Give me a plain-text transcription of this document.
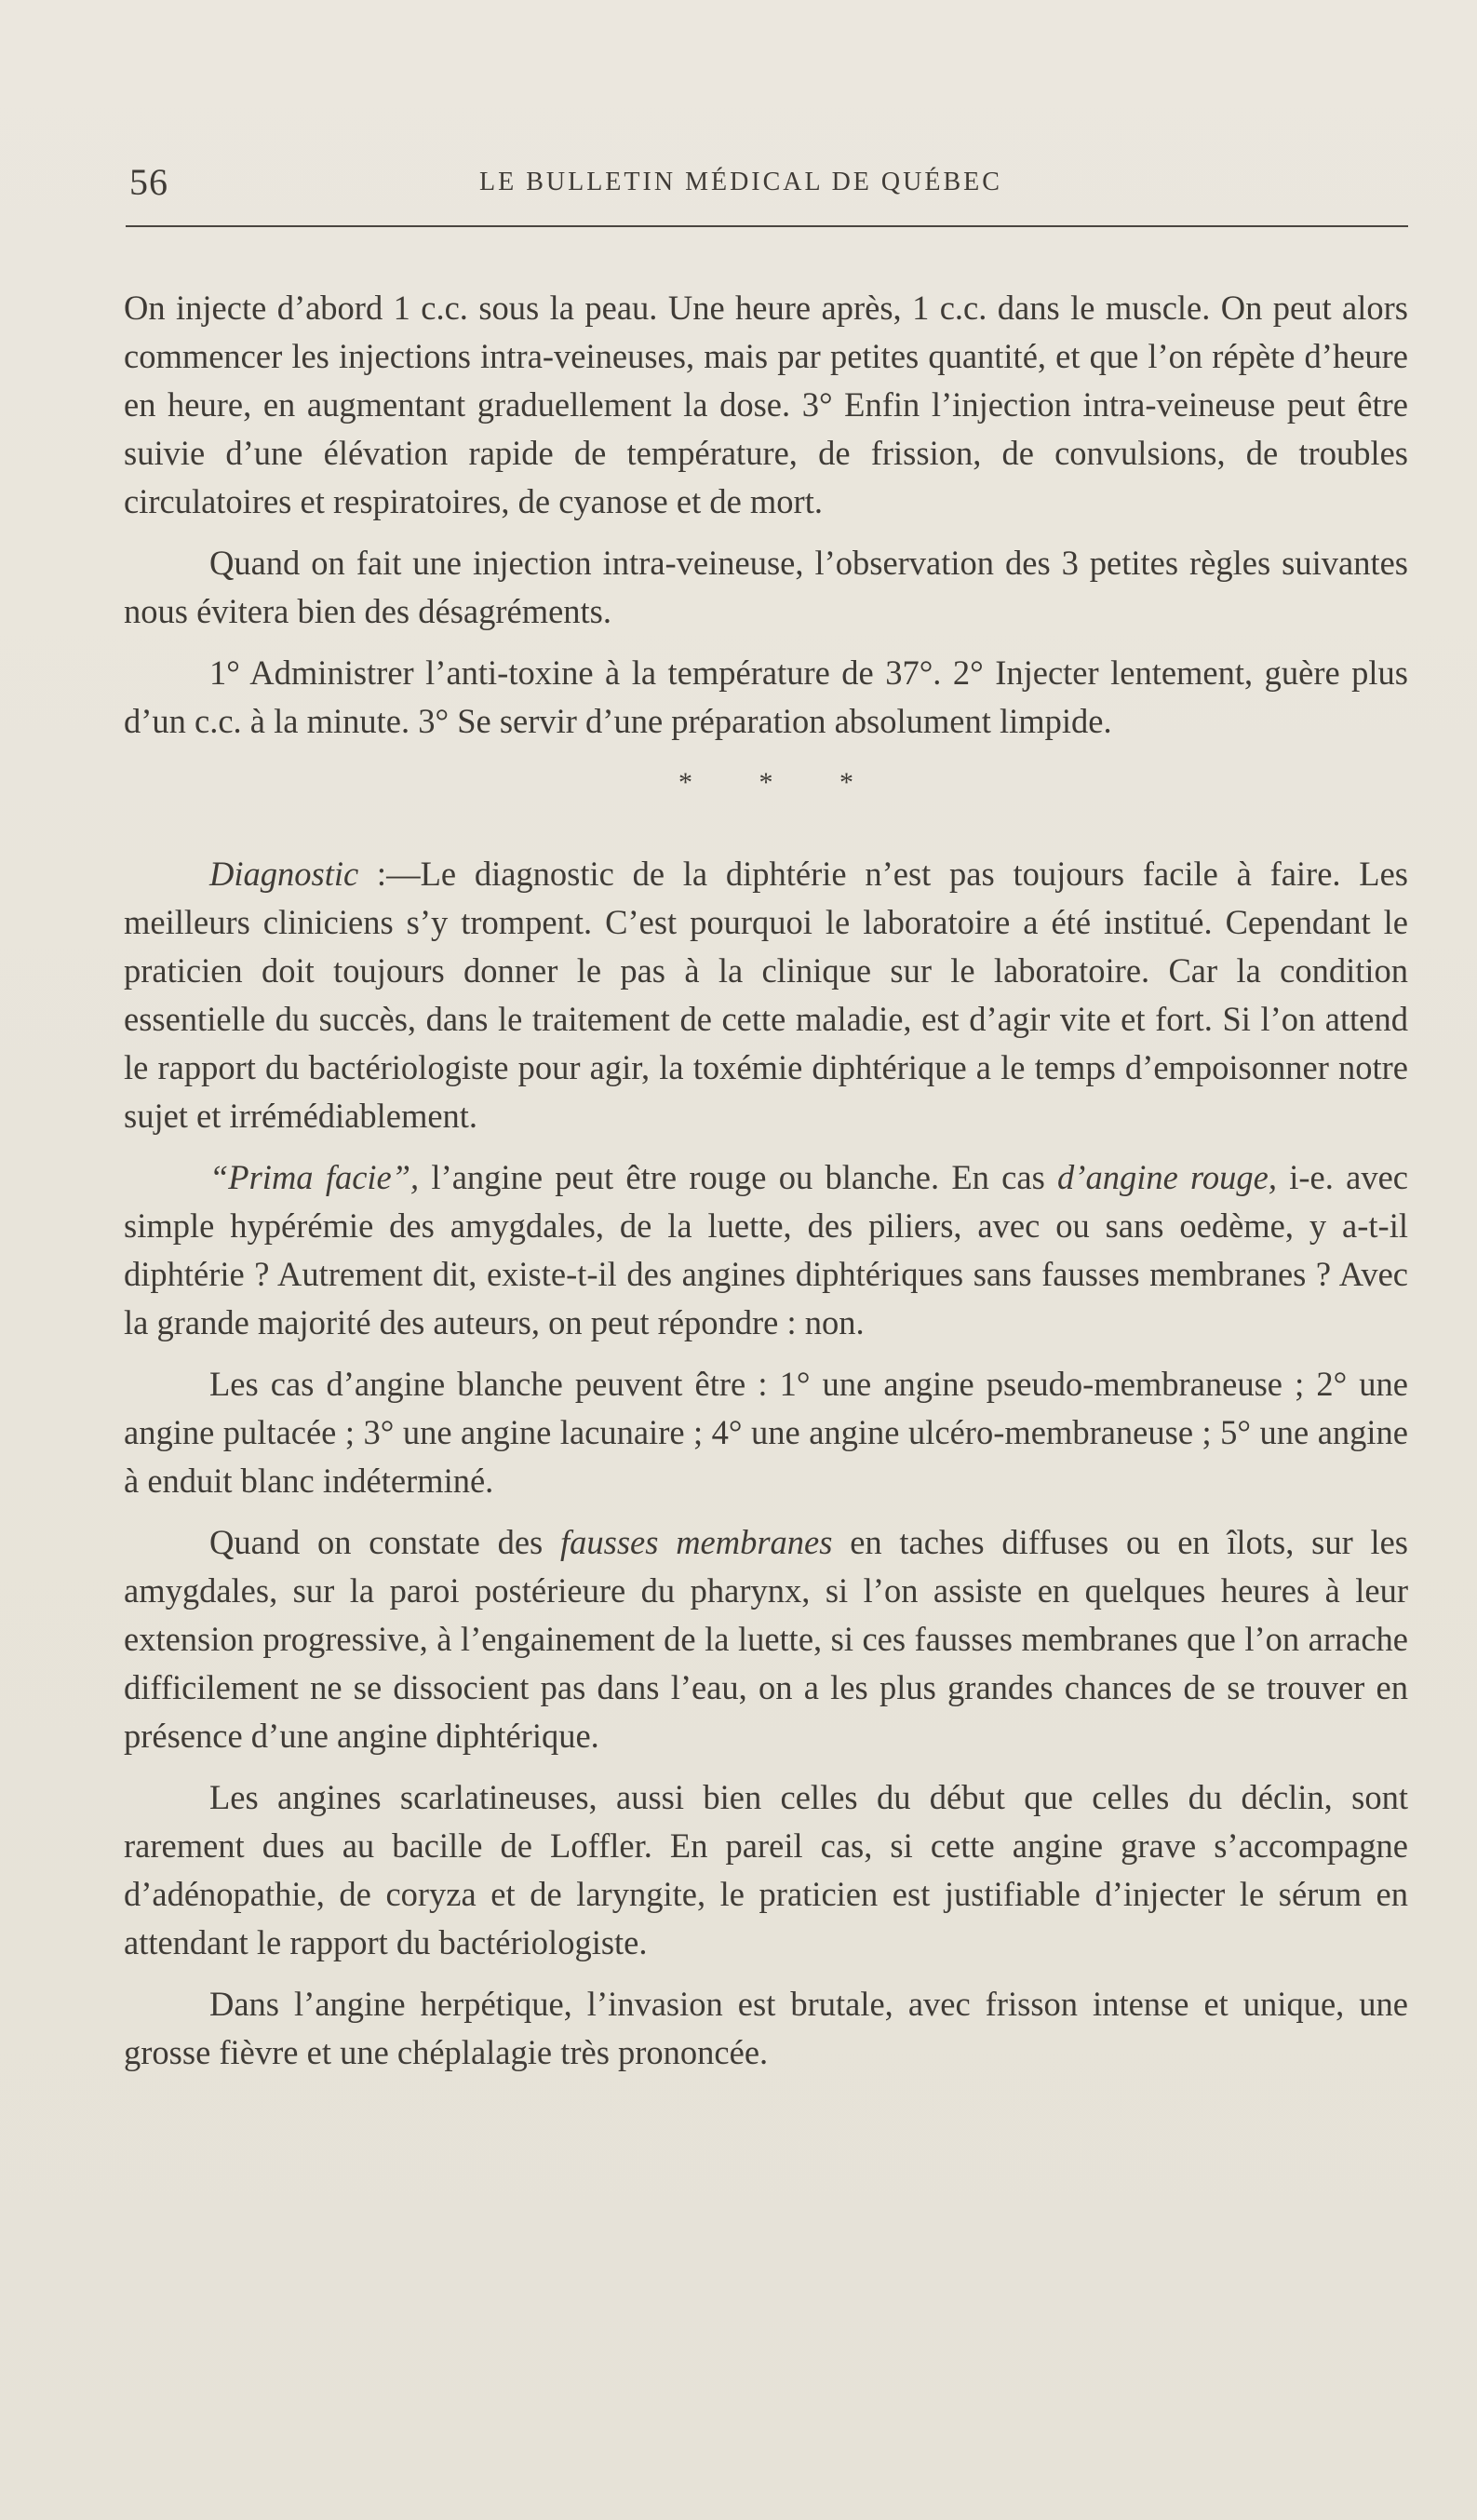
56	LE BULLETIN MÉDICAL DE QUÉBEC

On injecte d’abord 1 c.c. sous la peau. Une heure après, 1 c.c. dans le muscle. On peut alors commencer les injections intra-veineuses, mais par petites quantité, et que l’on répète d’heure en heure, en augmentant graduellement la dose. 3° Enfin l’injection intra-veineuse peut être suivie d’une élévation rapide de température, de frission, de convulsions, de troubles circulatoires et respiratoires, de cyanose et de mort.

Quand on fait une injection intra-veineuse, l’observation des 3 petites règles suivantes nous évitera bien des désagréments.

1° Administrer l’anti-toxine à la température de 37°. 2° Injecter lentement, guère plus d’un c.c. à la minute. 3° Se servir d’une préparation absolument limpide.

* * *

Diagnostic :—Le diagnostic de la diphtérie n’est pas toujours facile à faire. Les meilleurs cliniciens s’y trompent. C’est pourquoi le laboratoire a été institué. Cependant le praticien doit toujours donner le pas à la clinique sur le laboratoire. Car la condition essentielle du succès, dans le traitement de cette maladie, est d’agir vite et fort. Si l’on attend le rapport du bactériologiste pour agir, la toxémie diphtérique a le temps d’empoisonner notre sujet et irrémédiablement.

“Prima facie”, l’angine peut être rouge ou blanche. En cas d’angine rouge, i-e. avec simple hypérémie des amygdales, de la luette, des piliers, avec ou sans oedème, y a-t-il diphtérie ? Autrement dit, existe-t-il des angines diphtériques sans fausses membranes ? Avec la grande majorité des auteurs, on peut répondre : non.

Les cas d’angine blanche peuvent être : 1° une angine pseudo-membraneuse ; 2° une angine pultacée ; 3° une angine lacunaire ; 4° une angine ulcéro-membraneuse ; 5° une angine à enduit blanc indéterminé.

Quand on constate des fausses membranes en taches diffuses ou en îlots, sur les amygdales, sur la paroi postérieure du pharynx, si l’on assiste en quelques heures à leur extension progressive, à l’engainement de la luette, si ces fausses membranes que l’on arrache difficilement ne se dissocient pas dans l’eau, on a les plus grandes chances de se trouver en présence d’une angine diphtérique.

Les angines scarlatineuses, aussi bien celles du début que celles du déclin, sont rarement dues au bacille de Loffler. En pareil cas, si cette angine grave s’accompagne d’adénopathie, de coryza et de laryngite, le praticien est justifiable d’injecter le sérum en attendant le rapport du bactériologiste.

Dans l’angine herpétique, l’invasion est brutale, avec frisson intense et unique, une grosse fièvre et une chéplalagie très prononcée.
